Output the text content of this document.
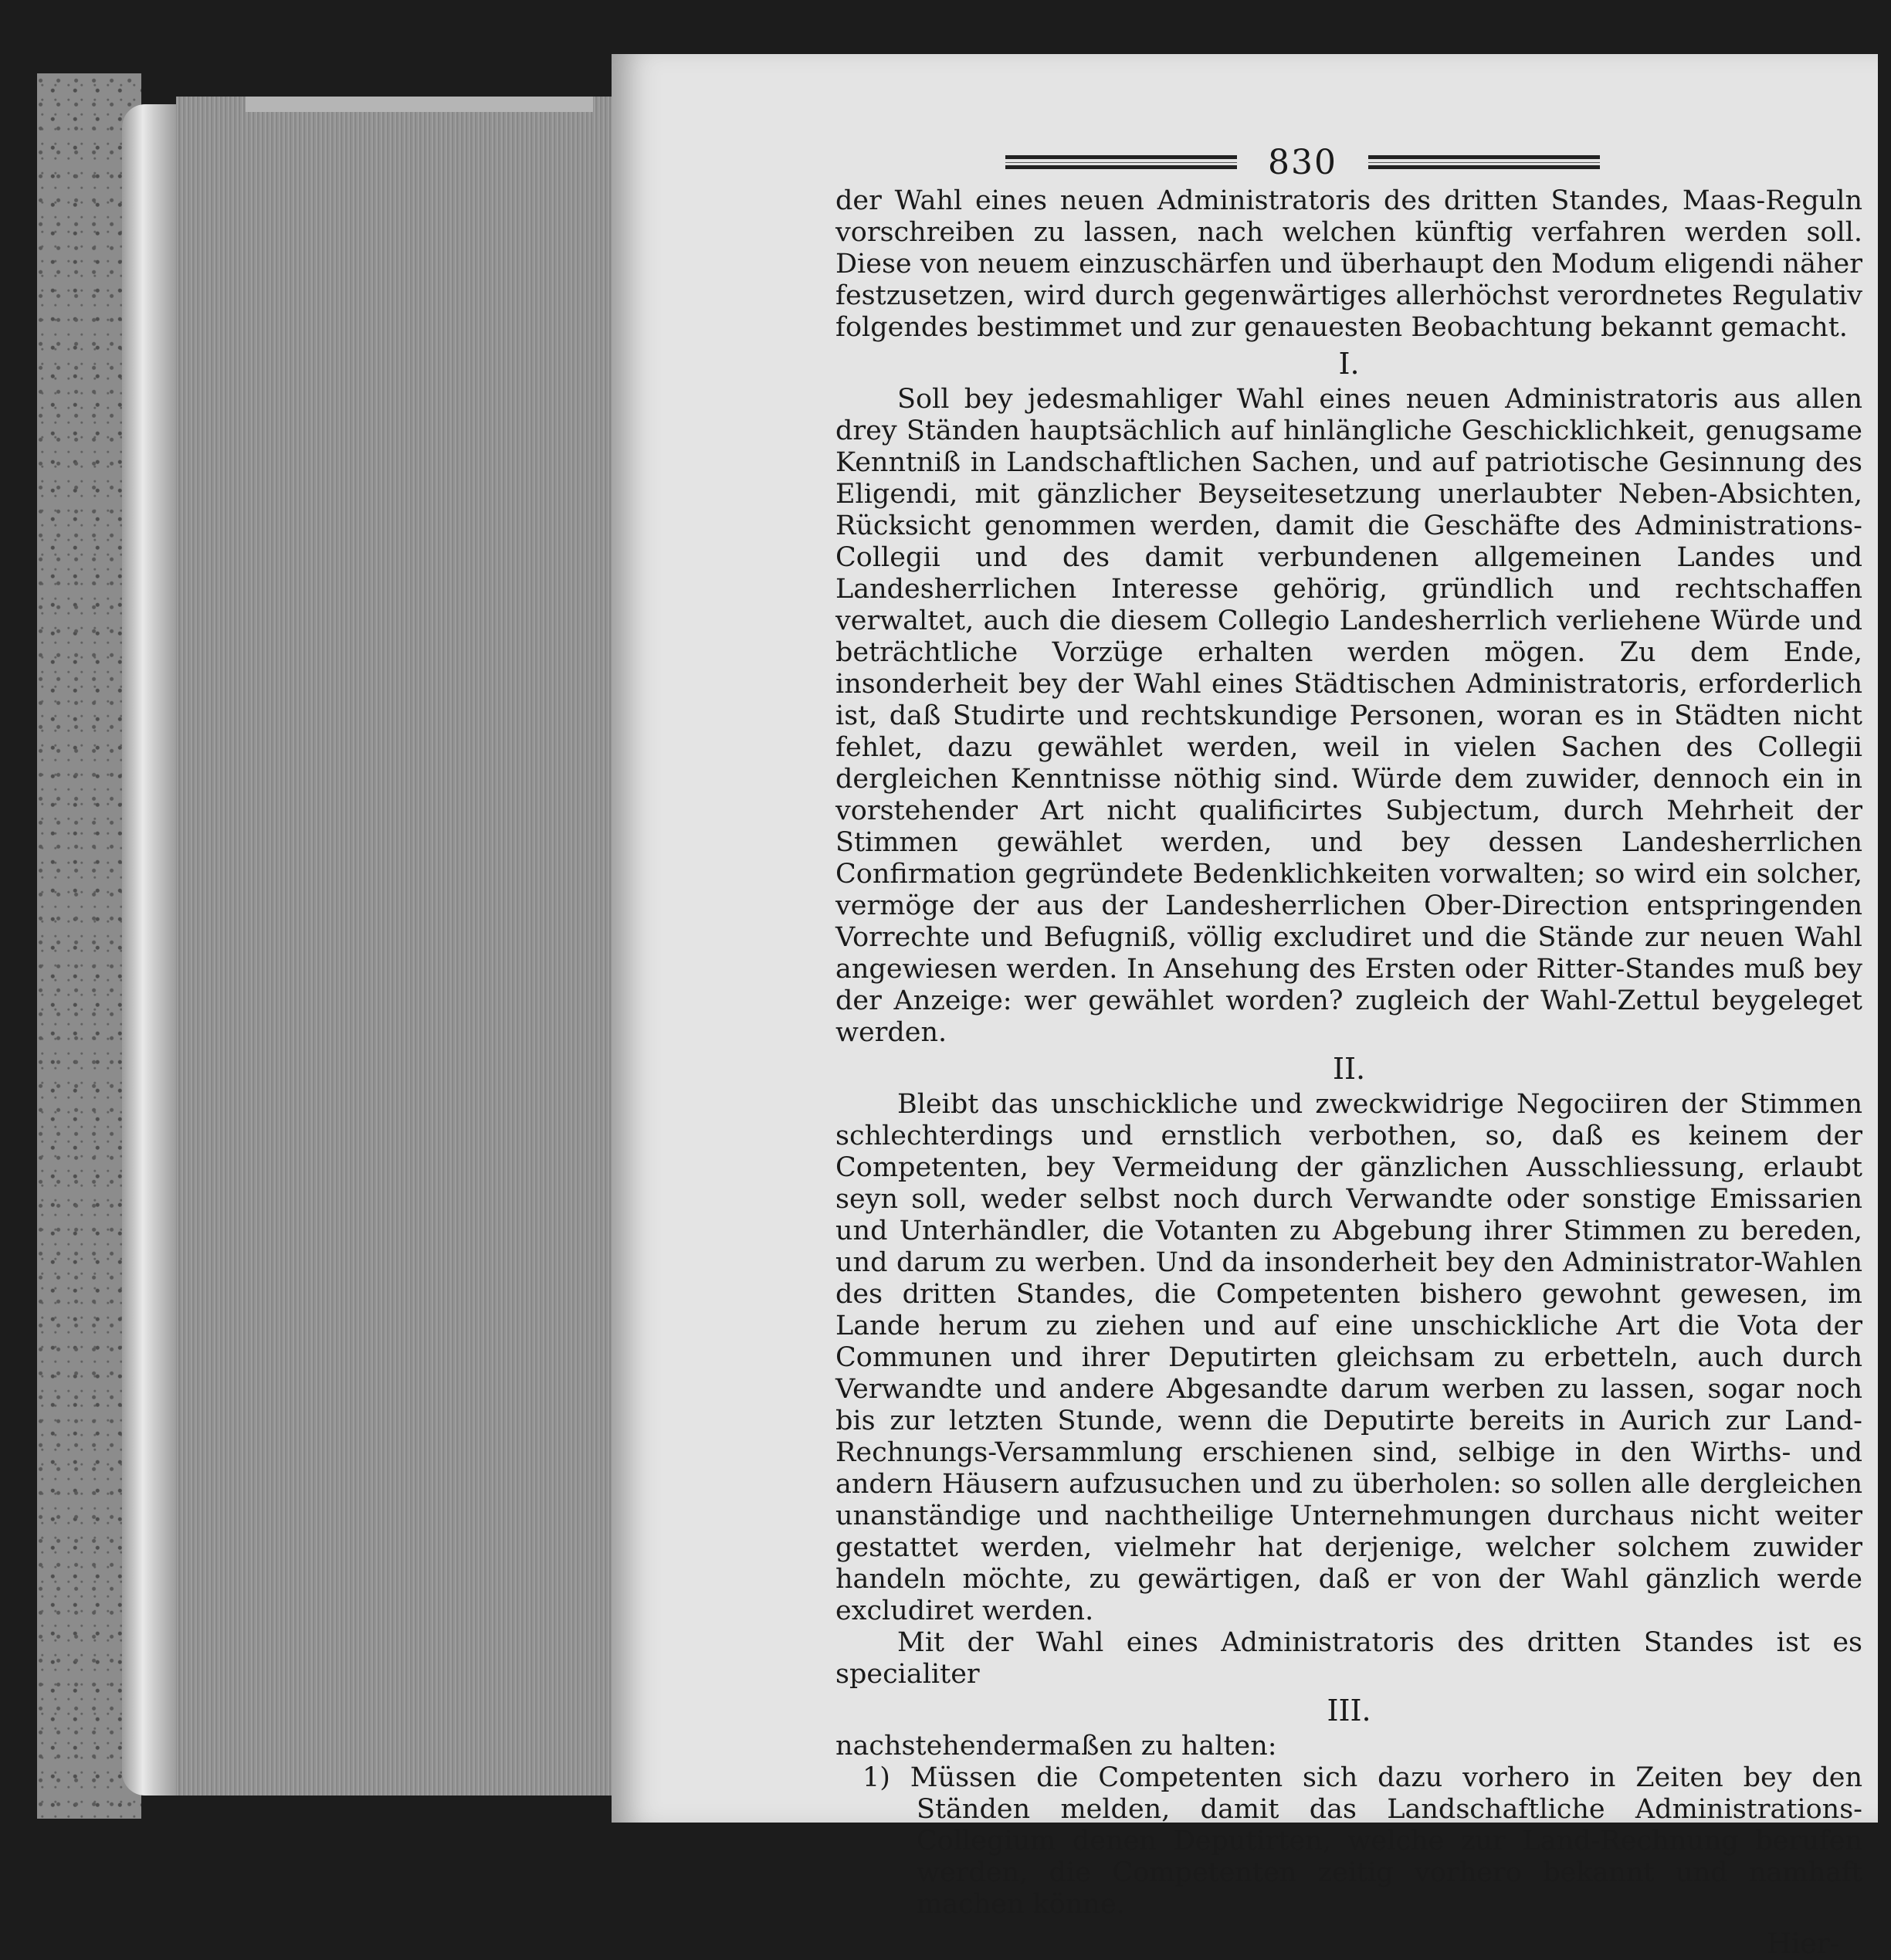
830

der Wahl eines neuen Administratoris des dritten Standes, Maas-Reguln vorschreiben zu lassen, nach welchen künftig verfahren werden soll. Diese von neuem einzuschärfen und überhaupt den Modum eligendi näher festzusetzen, wird durch gegenwärtiges allerhöchst verordnetes Regulativ folgendes bestimmet und zur genauesten Beobachtung bekannt gemacht.

I.

Soll bey jedesmahliger Wahl eines neuen Administratoris aus allen drey Ständen hauptsächlich auf hinlängliche Geschicklichkeit, genugsame Kenntniß in Landschaftlichen Sachen, und auf patriotische Gesinnung des Eligendi, mit gänzlicher Beyseitesetzung unerlaubter Neben-Absichten, Rücksicht genommen werden, damit die Geschäfte des Administrations-Collegii und des damit verbundenen allgemeinen Landes und Landesherrlichen Interesse gehörig, gründlich und rechtschaffen verwaltet, auch die diesem Collegio Landesherrlich verliehene Würde und beträchtliche Vorzüge erhalten werden mögen. Zu dem Ende, insonderheit bey der Wahl eines Städtischen Administratoris, erforderlich ist, daß Studirte und rechtskundige Personen, woran es in Städten nicht fehlet, dazu gewählet werden, weil in vielen Sachen des Collegii dergleichen Kenntnisse nöthig sind. Würde dem zuwider, dennoch ein in vorstehender Art nicht qualificirtes Subjectum, durch Mehrheit der Stimmen gewählet werden, und bey dessen Landesherrlichen Confirmation gegründete Bedenklichkeiten vorwalten; so wird ein solcher, vermöge der aus der Landesherrlichen Ober-Direction entspringenden Vorrechte und Befugniß, völlig excludiret und die Stände zur neuen Wahl angewiesen werden. In Ansehung des Ersten oder Ritter-Standes muß bey der Anzeige: wer gewählet worden? zugleich der Wahl-Zettul beygeleget werden.

II.

Bleibt das unschickliche und zweckwidrige Negociiren der Stimmen schlechterdings und ernstlich verbothen, so, daß es keinem der Competenten, bey Vermeidung der gänzlichen Ausschliessung, erlaubt seyn soll, weder selbst noch durch Verwandte oder sonstige Emissarien und Unterhändler, die Votanten zu Abgebung ihrer Stimmen zu bereden, und darum zu werben. Und da insonderheit bey den Administrator-Wahlen des dritten Standes, die Competenten bishero gewohnt gewesen, im Lande herum zu ziehen und auf eine unschickliche Art die Vota der Communen und ihrer Deputirten gleichsam zu erbetteln, auch durch Verwandte und andere Abgesandte darum werben zu lassen, sogar noch bis zur letzten Stunde, wenn die Deputirte bereits in Aurich zur Land-Rechnungs-Versammlung erschienen sind, selbige in den Wirths- und andern Häusern aufzusuchen und zu überholen: so sollen alle dergleichen unanständige und nachtheilige Unternehmungen durchaus nicht weiter gestattet werden, vielmehr hat derjenige, welcher solchem zuwider handeln möchte, zu gewärtigen, daß er von der Wahl gänzlich werde excludiret werden.

Mit der Wahl eines Administratoris des dritten Standes ist es specialiter

III.

nachstehendermaßen zu halten:

1) Müssen die Competenten sich dazu vorhero in Zeiten bey den Ständen melden, damit das Landschaftliche Administrations-Collegium denen Deputirten, welche zur Land-Rechnung berufen werden, die Competenten zeitig vorhero bekannt und namhaft machen könne.

Hier-
